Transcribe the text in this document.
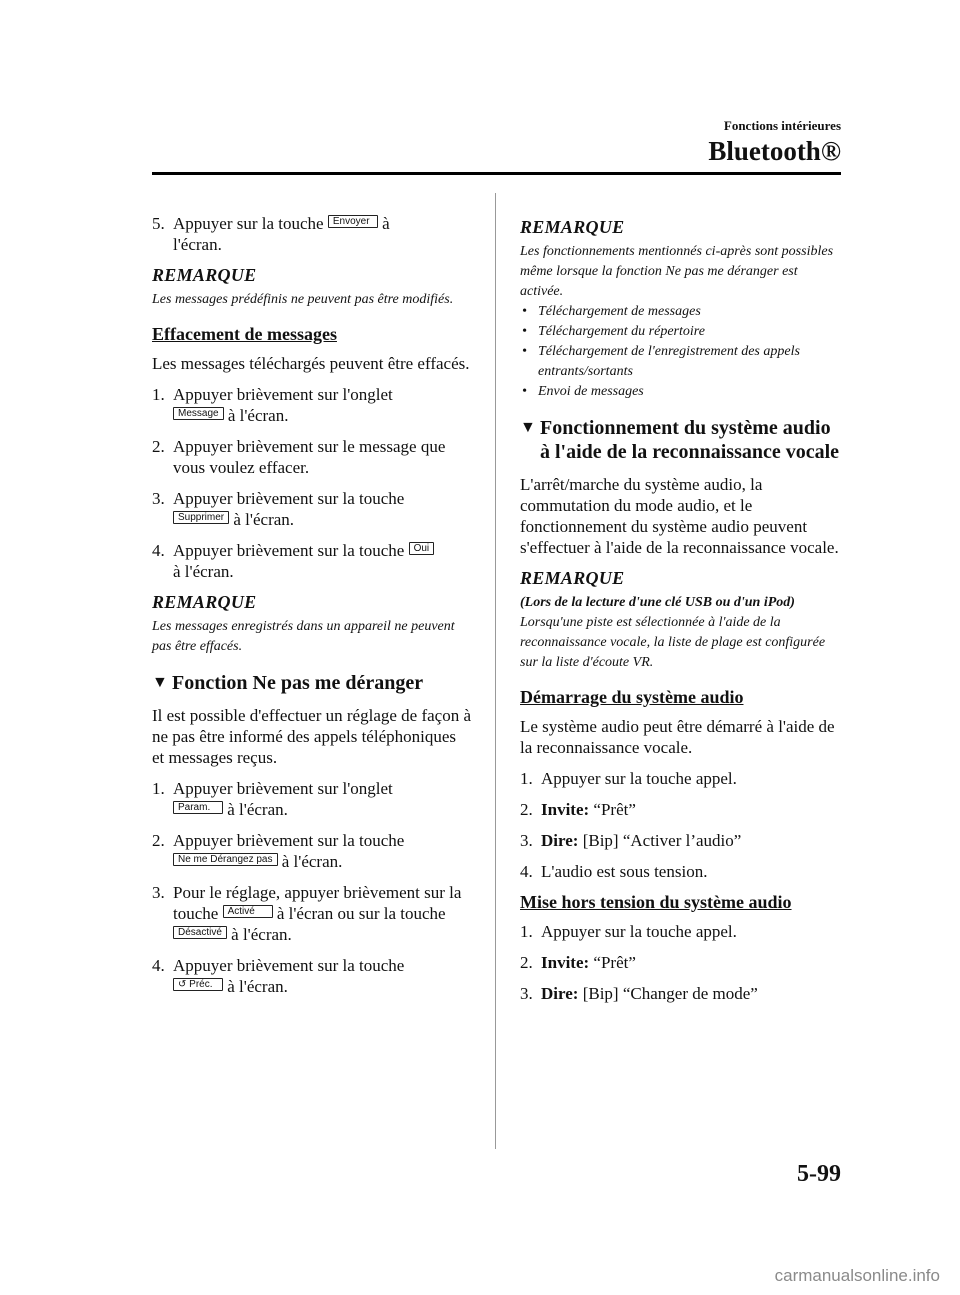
Fonctions intérieures
Bluetooth®
5. Appuyer sur la touche Envoyer à
l'écran.
REMARQUE
Les messages prédéfinis ne peuvent pas être modifiés.
Effacement de messages
Les messages téléchargés peuvent être effacés.
1. Appuyer brièvement sur l'onglet
Message à l'écran.
2. Appuyer brièvement sur le message que vous voulez effacer.
3. Appuyer brièvement sur la touche
Supprimer à l'écran.
4. Appuyer brièvement sur la touche Oui
à l'écran.
REMARQUE
Les messages enregistrés dans un appareil ne peuvent pas être effacés.
▼ Fonction Ne pas me déranger
Il est possible d'effectuer un réglage de façon à ne pas être informé des appels téléphoniques et messages reçus.
1. Appuyer brièvement sur l'onglet
Param. à l'écran.
2. Appuyer brièvement sur la touche
Ne me Dérangez pas à l'écran.
3. Pour le réglage, appuyer brièvement sur la touche Activé à l'écran ou sur la touche Désactivé à l'écran.
4. Appuyer brièvement sur la touche
↺ Préc. à l'écran.
REMARQUE
Les fonctionnements mentionnés ci-après sont possibles même lorsque la fonction Ne pas me déranger est activée.
• Téléchargement de messages
• Téléchargement du répertoire
• Téléchargement de l'enregistrement des appels entrants/sortants
• Envoi de messages
▼ Fonctionnement du système audio à l'aide de la reconnaissance vocale
L'arrêt/marche du système audio, la commutation du mode audio, et le fonctionnement du système audio peuvent s'effectuer à l'aide de la reconnaissance vocale.
REMARQUE
(Lors de la lecture d'une clé USB ou d'un iPod)
Lorsqu'une piste est sélectionnée à l'aide de la reconnaissance vocale, la liste de plage est configurée sur la liste d'écoute VR.
Démarrage du système audio
Le système audio peut être démarré à l'aide de la reconnaissance vocale.
1. Appuyer sur la touche appel.
2. Invite: “Prêt”
3. Dire: [Bip] “Activer l’audio”
4. L'audio est sous tension.
Mise hors tension du système audio
1. Appuyer sur la touche appel.
2. Invite: “Prêt”
3. Dire: [Bip] “Changer de mode”
5-99
carmanualsonline.info
